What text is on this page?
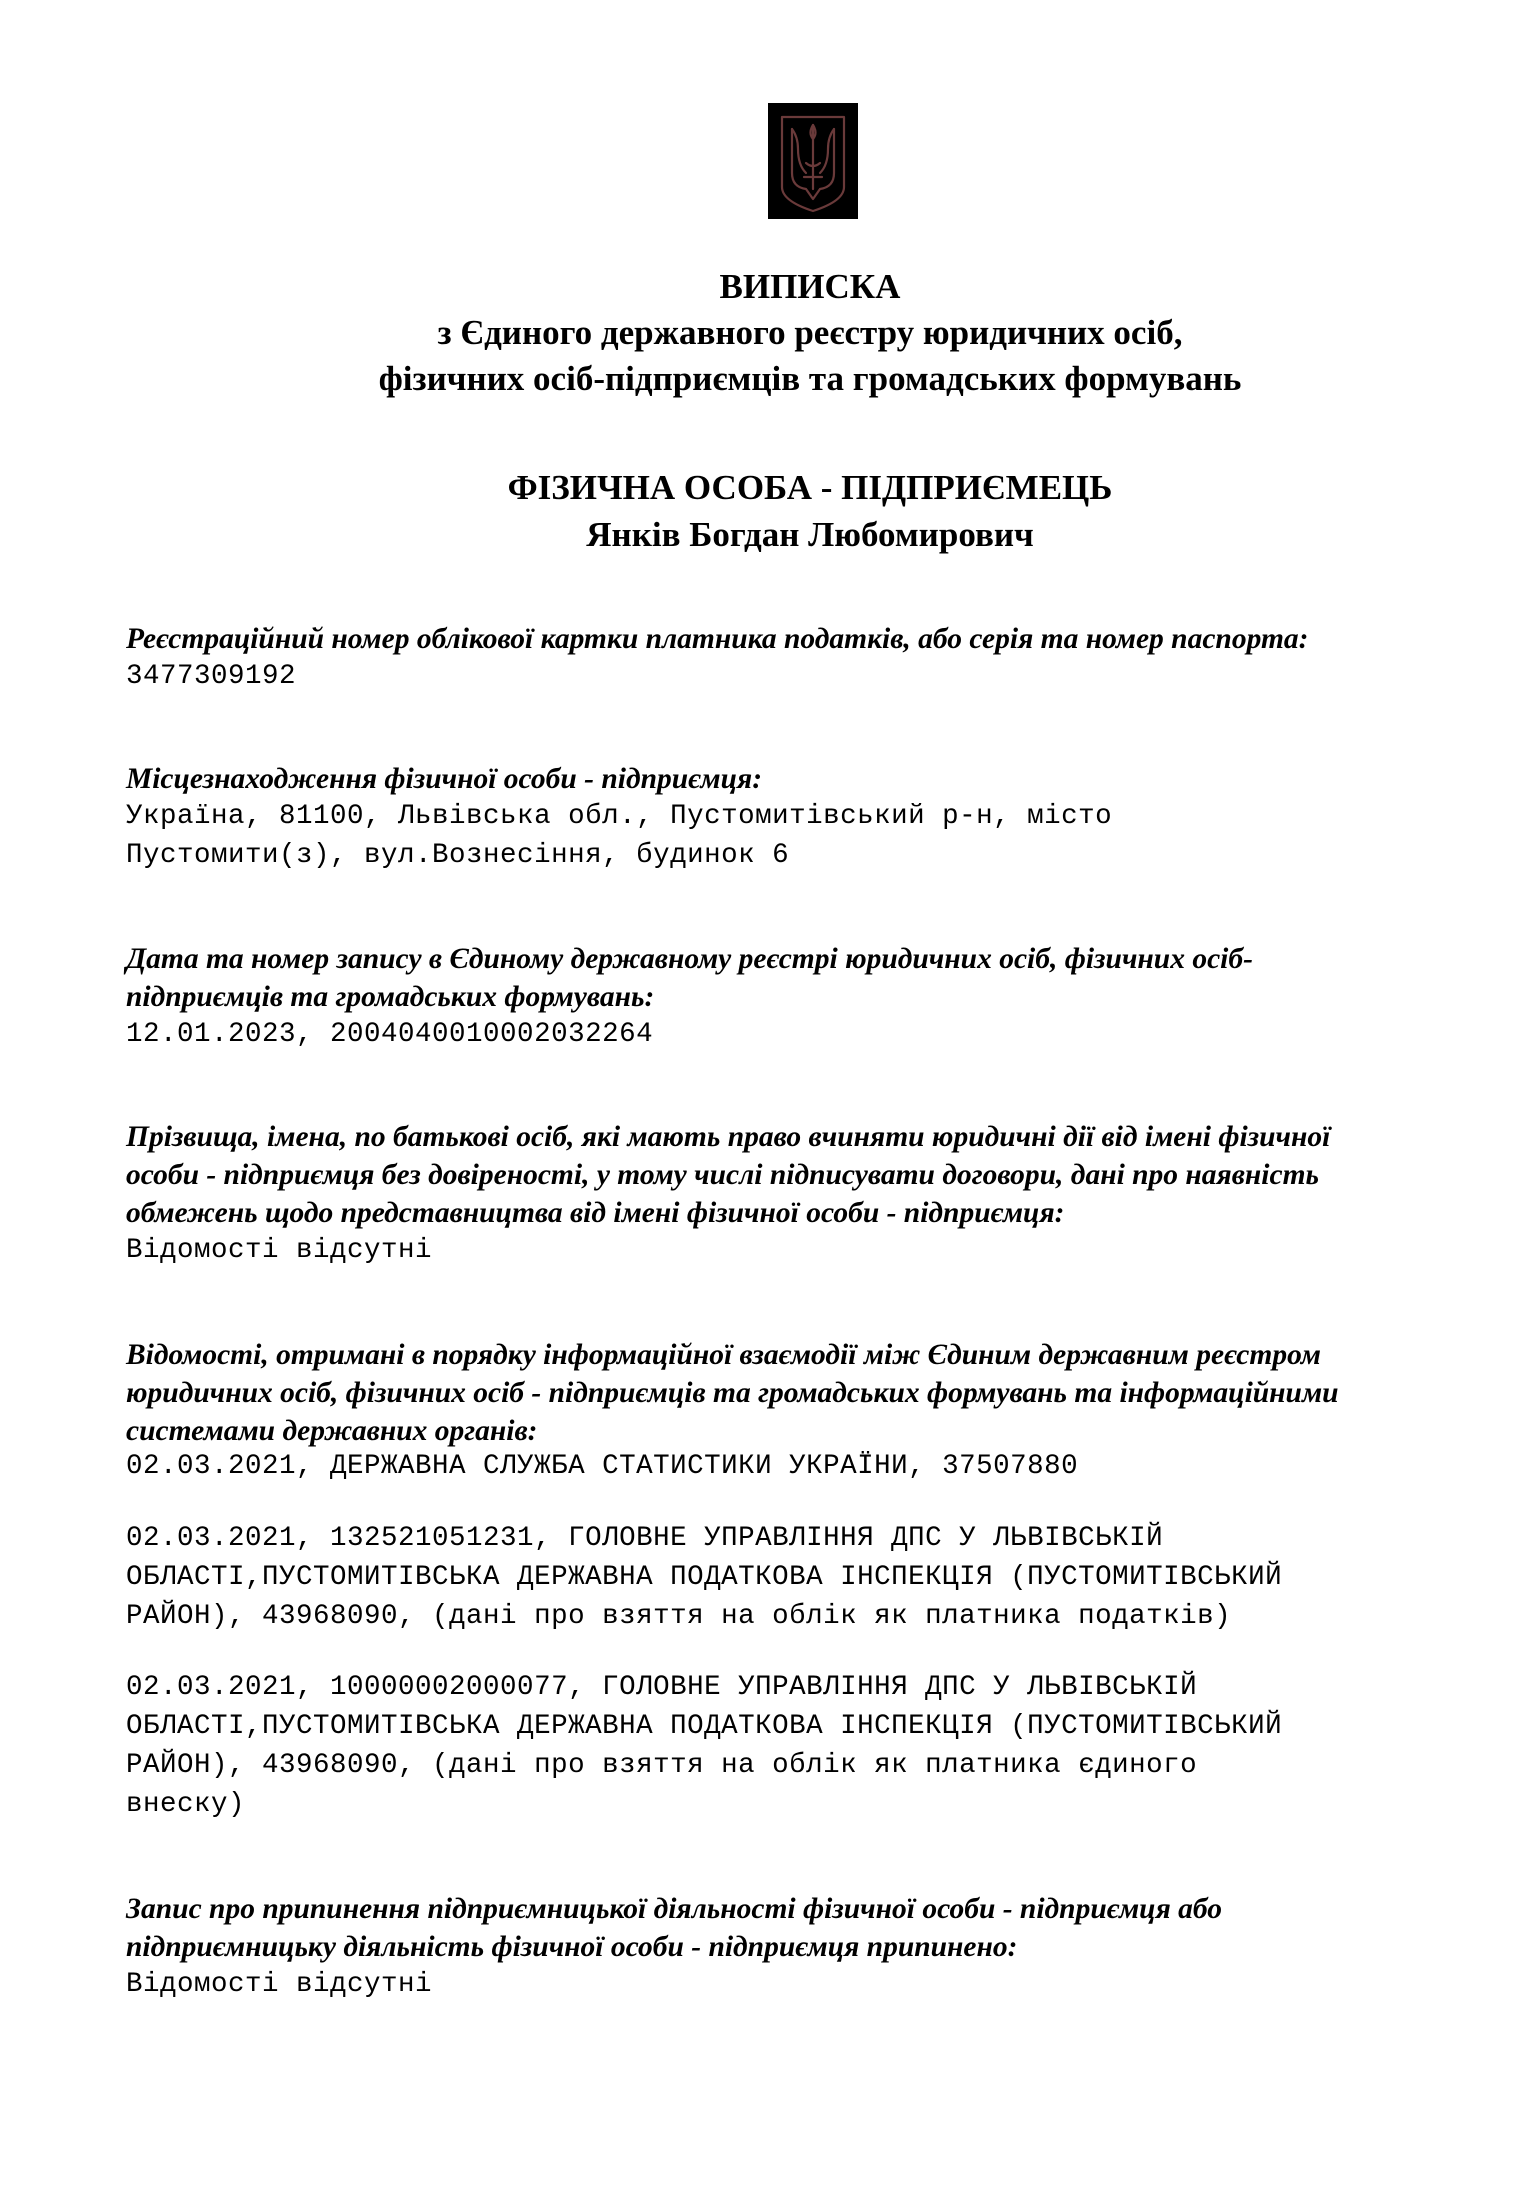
ВИПИСКА
з Єдиного державного реєстру юридичних осіб,
фізичних осіб-підприємців та громадських формувань
ФІЗИЧНА ОСОБА - ПІДПРИЄМЕЦЬ
Янків Богдан Любомирович
Реєстраційний номер облікової картки платника податків, або серія та номер паспорта:
3477309192
Місцезнаходження фізичної особи - підприємця:
Україна, 81100, Львівська обл., Пустомитівський р-н, місто
Пустомити(з), вул.Вознесіння, будинок 6
Дата та номер запису в Єдиному державному реєстрі юридичних осіб, фізичних осіб-
підприємців та громадських формувань:
12.01.2023, 2004040010002032264
Прізвища, імена, по батькові осіб, які мають право вчиняти юридичні дії від імені фізичної
особи - підприємця без довіреності, у тому числі підписувати договори, дані про наявність
обмежень щодо представництва від імені фізичної особи - підприємця:
Відомості відсутні
Відомості, отримані в порядку інформаційної взаємодії між Єдиним державним реєстром
юридичних осіб, фізичних осіб - підприємців та громадських формувань та інформаційними
системами державних органів:
02.03.2021, ДЕРЖАВНА СЛУЖБА СТАТИСТИКИ УКРАЇНИ, 37507880
02.03.2021, 132521051231, ГОЛОВНЕ УПРАВЛІННЯ ДПС У ЛЬВІВСЬКІЙ
ОБЛАСТІ,ПУСТОМИТІВСЬКА ДЕРЖАВНА ПОДАТКОВА ІНСПЕКЦІЯ (ПУСТОМИТІВСЬКИЙ
РАЙОН), 43968090, (дані про взяття на облік як платника податків)
02.03.2021, 10000002000077, ГОЛОВНЕ УПРАВЛІННЯ ДПС У ЛЬВІВСЬКІЙ
ОБЛАСТІ,ПУСТОМИТІВСЬКА ДЕРЖАВНА ПОДАТКОВА ІНСПЕКЦІЯ (ПУСТОМИТІВСЬКИЙ
РАЙОН), 43968090, (дані про взяття на облік як платника єдиного
внеску)
Запис про припинення підприємницької діяльності фізичної особи - підприємця або
підприємницьку діяльність фізичної особи - підприємця припинено:
Відомості відсутні
